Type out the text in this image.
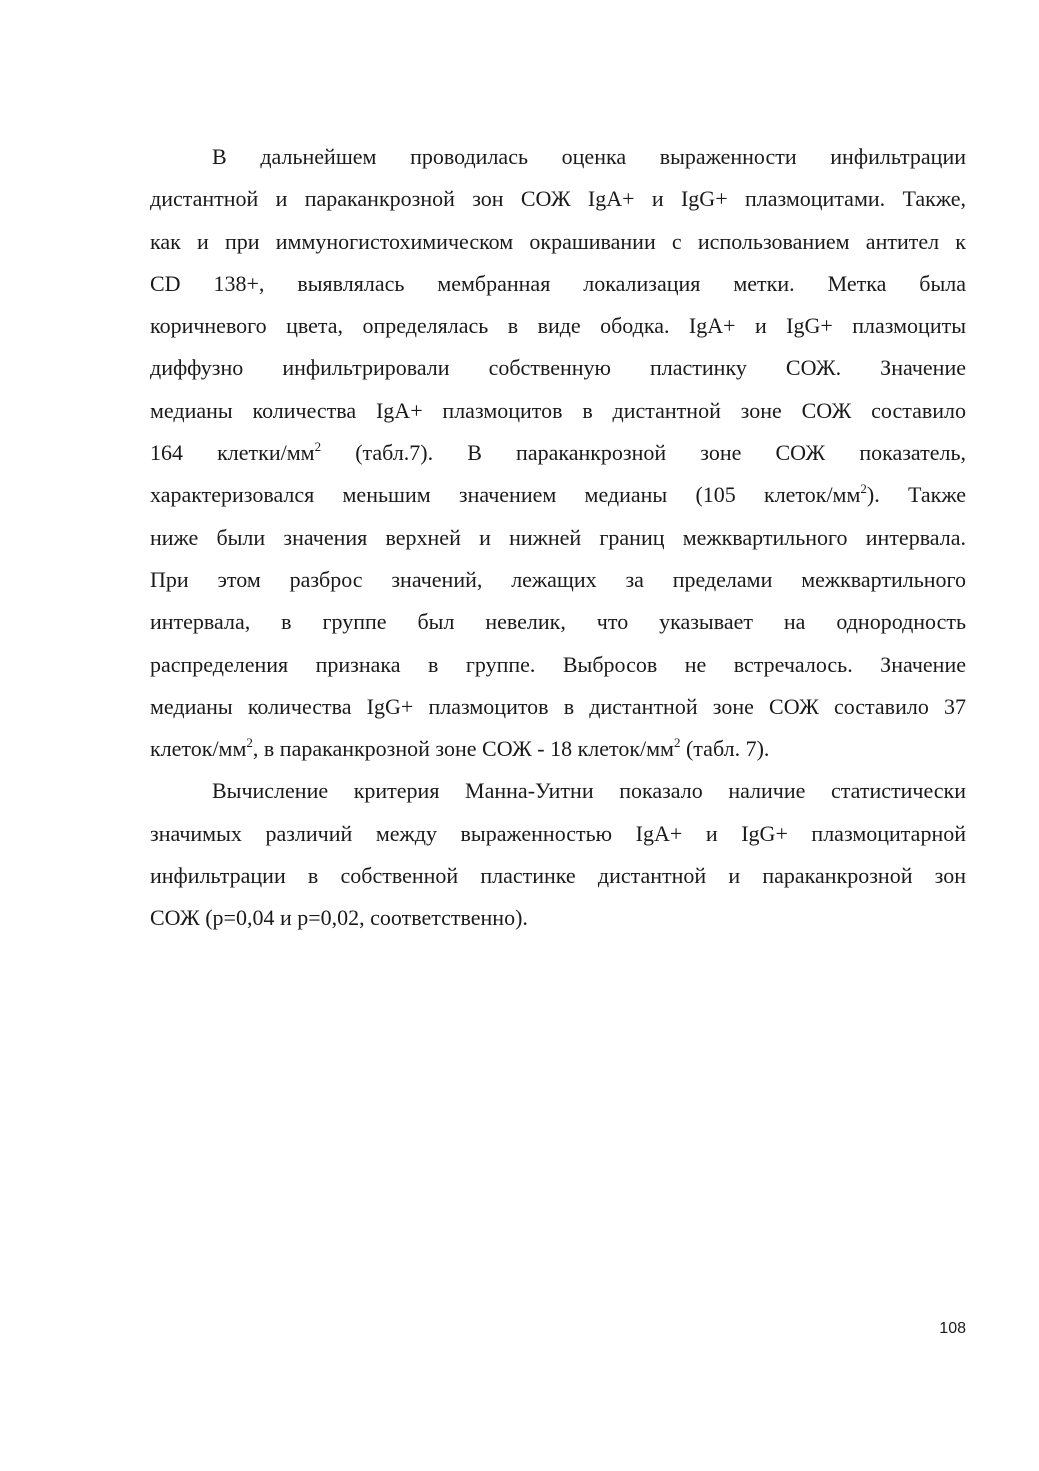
В дальнейшем проводилась оценка выраженности инфильтрации
дистантной и параканкрозной зон СОЖ IgA+ и IgG+ плазмоцитами. Также,
как и при иммуногистохимическом окрашивании с использованием антител к
CD 138+, выявлялась мембранная локализация метки. Метка была
коричневого цвета, определялась в виде ободка. IgA+ и IgG+ плазмоциты
диффузно инфильтрировали собственную пластинку СОЖ. Значение
медианы количества IgA+ плазмоцитов в дистантной зоне СОЖ составило
164 клетки/$мм^2$ (табл.7). В параканкрозной зоне СОЖ показатель,
характеризовался меньшим значением медианы (105 клеток/$мм^2$). Также
ниже были значения верхней и нижней границ межквартильного интервала.
При этом разброс значений, лежащих за пределами межквартильного
интервала, в группе был невелик, что указывает на однородность
распределения признака в группе. Выбросов не встречалось. Значение
медианы количества IgG+ плазмоцитов в дистантной зоне СОЖ составило 37
клеток/$мм^2$, в параканкрозной зоне СОЖ - 18 клеток/$мм^2$ (табл. 7).
Вычисление критерия Манна-Уитни показало наличие статистически
значимых различий между выраженностью IgA+ и IgG+ плазмоцитарной
инфильтрации в собственной пластинке дистантной и параканкрозной зон
СОЖ (р=0,04 и р=0,02, соответственно).
108
